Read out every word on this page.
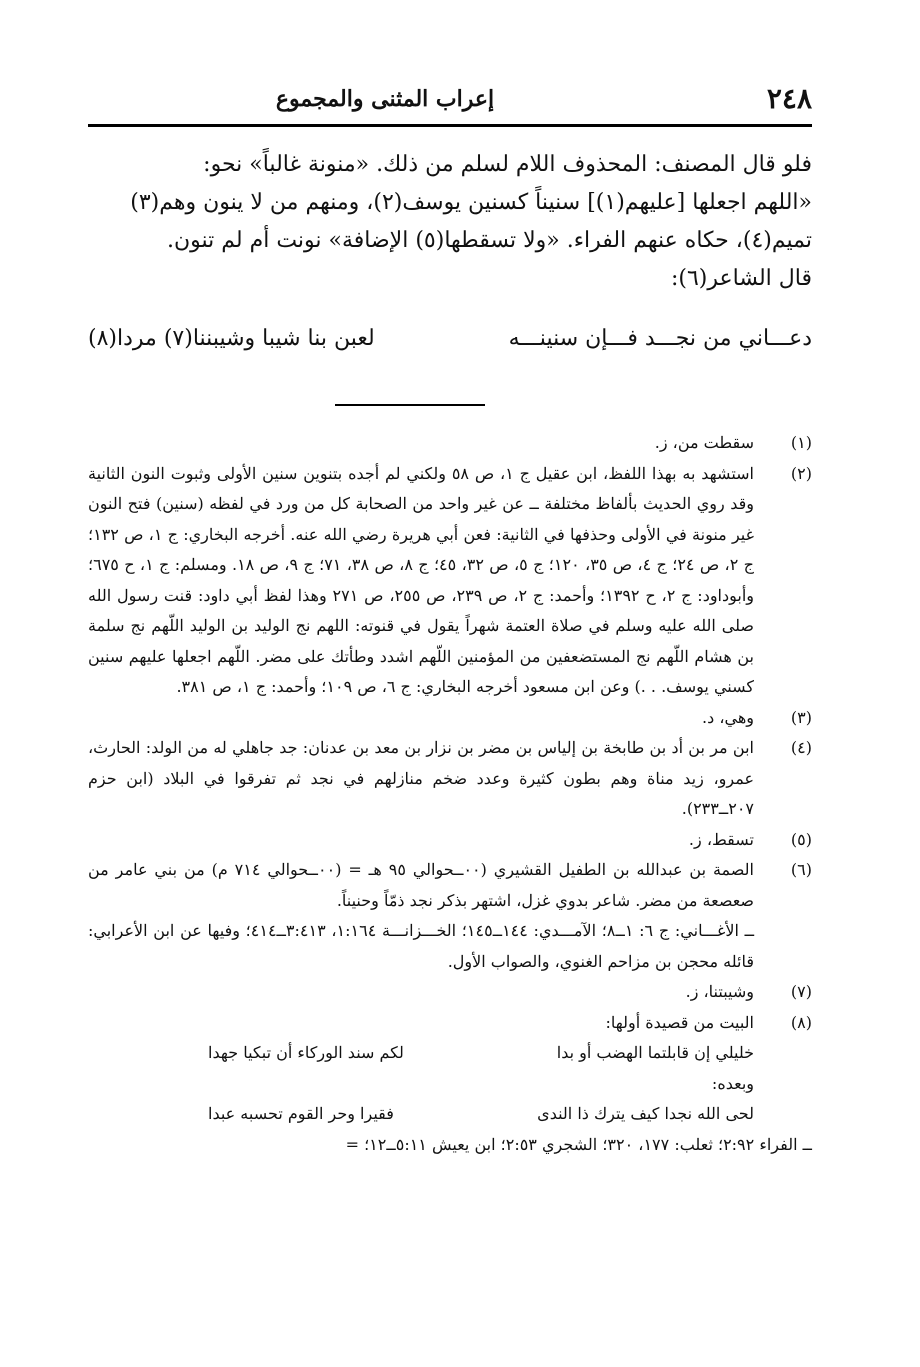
٢٤٨
إعراب المثنى والمجموع

فلو قال المصنف: المحذوف اللام لسلم من ذلك. «منونة غالباً» نحو:

«اللهم اجعلها [عليهم(١)] سنيناً كسنين يوسف(٢)، ومنهم من لا ينون وهم(٣)

تميم(٤)، حكاه عنهم الفراء. «ولا تسقطها(٥) الإضافة» نونت أم لم تنون.

قال الشاعر(٦):

دعـــاني من نجـــد فـــإن سنينـــه
لعبن بنا شيبا وشيبننا(٧) مردا(٨)
(١)
سقطت من، ز.
(٢)
استشهد به بهذا اللفظ، ابن عقيل ج ١، ص ٥٨ ولكني لم أجده بتنوين سنين الأولى وثبوت النون الثانية وقد روي الحديث بألفاظ مختلفة ــ عن غير واحد من الصحابة كل من ورد في لفظه (سنين) فتح النون غير منونة في الأولى وحذفها في الثانية: فعن أبي هريرة رضي الله عنه. أخرجه البخاري: ج ١، ص ١٣٢؛ ج ٢، ص ٢٤؛ ج ٤، ص ٣٥، ١٢٠؛ ج ٥، ص ٣٢، ٤٥؛ ج ٨، ص ٣٨، ٧١؛ ج ٩، ص ١٨. ومسلم: ج ١، ح ٦٧٥؛ وأبوداود: ج ٢، ح ١٣٩٢؛ وأحمد: ج ٢، ص ٢٣٩، ص ٢٥٥، ص ٢٧١ وهذا لفظ أبي داود: قنت رسول الله صلى الله عليه وسلم في صلاة العتمة شهراً يقول في قنوته: اللهم نج الوليد بن الوليد اللّهم نج سلمة بن هشام اللّهم نج المستضعفين من المؤمنين اللّهم اشدد وطأتك على مضر. اللّهم اجعلها عليهم سنين كسني يوسف. . .) وعن ابن مسعود أخرجه البخاري: ج ٦، ص ١٠٩؛ وأحمد: ج ١، ص ٣٨١.
(٣)
وهي، د.
(٤)
ابن مر بن أد بن طابخة بن إلياس بن مضر بن نزار بن معد بن عدنان: جد جاهلي له من الولد: الحارث، عمرو، زيد مناة وهم بطون كثيرة وعدد ضخم منازلهم في نجد ثم تفرقوا في البلاد (ابن حزم ٢٠٧ــ٢٣٣).
(٥)
تسقط، ز.
(٦)
الصمة بن عبدالله بن الطفيل القشيري (٠٠ــحوالي ٩٥ هـ = (٠٠ــحوالي ٧١٤ م) من بني عامر من صعصعة من مضر. شاعر بدوي غزل، اشتهر بذكر نجد ذمّاً وحنيناً.
ــ الأغـــاني: ج ٦: ١ــ٨؛ الآمـــدي: ١٤٤ــ١٤٥؛ الخـــزانـــة ١:١٦٤، ٣:٤١٣ــ٤١٤؛ وفيها عن ابن الأعرابي: قائله محجن بن مزاحم الغنوي، والصواب الأول.
(٧)
وشيبتنا، ز.
(٨)
البيت من قصيدة أولها:
خليلي إن قابلتما الهضب أو بدا
لكم سند الوركاء أن تبكيا جهدا
وبعده:
لحى الله نجدا كيف يترك ذا الندى
فقيرا وحر القوم تحسبه عبدا
ــ الفراء ٢:٩٢؛ ثعلب: ١٧٧، ٣٢٠؛ الشجري ٢:٥٣؛ ابن يعيش ٥:١١ــ١٢؛ =
